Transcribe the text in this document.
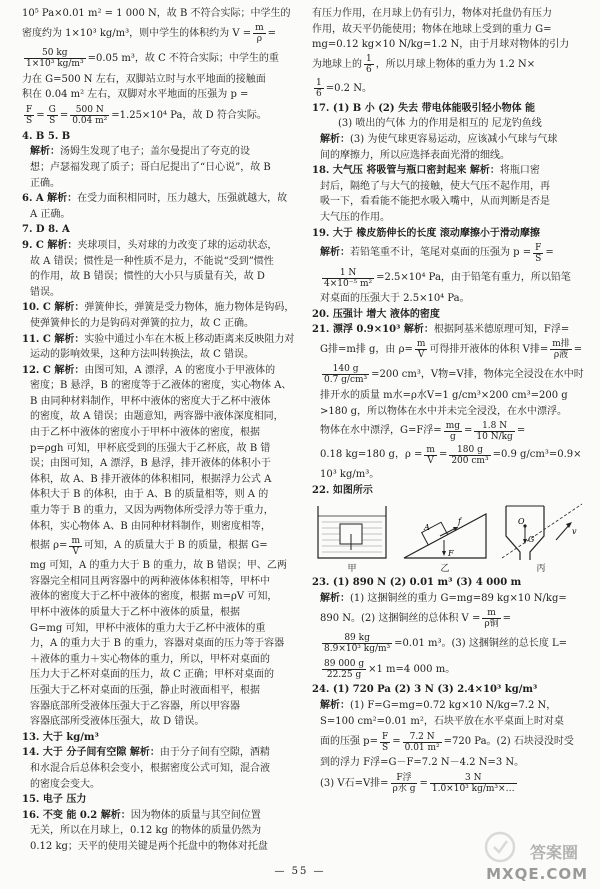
10⁵ Pa×0.01 m² = 1 000 N，故 B 不符合实际；中学生的
密度约为 1×10³ kg/m³，则中学生的体积约为 $V = \frac{m}{\rho}$ =
$\frac{50 kg}{\text{1×10³ kg/m³}} =0.05$ m³，故 C 不符合实际；中学生的重
力在 G=500 N 左右，双脚站立时与水平地面的接触面
积在 0.04 m² 左右，双脚对水平地面的压强为 p =
$\frac{F}{S} = \frac{G}{S} = \frac{500 N}{\text{0.04 m²}} =1.25\times 10^4$ Pa，故 D 符合实际。
4. B 5. B
解析：汤姆生发现了电子；盖尔曼提出了夸克的设
想；卢瑟福发现了质子；哥白尼提出了“日心说”，故 B
正确。
6. A 解析：在受力面积相同时，压力越大，压强就越大，故
A 正确。
7. D 8. A
9. C 解析：夹球项目，头对球的力改变了球的运动状态，
故 A 错误；惯性是一种性质不是力，不能说“受到”惯性
的作用，故 B 错误；惯性的大小只与质量有关，故 D
错误。
10. C 解析：弹簧伸长，弹簧是受力物体，施力物体是钩码，
使弹簧伸长的力是钩码对弹簧的拉力，故 C 正确。
11. C 解析：实验中通过小车在木板上移动距离来反映阻力对
运动的影响效果，这种方法叫转换法，故 C 错误。
12. C 解析：由图可知，A 漂浮，A 的密度小于甲液体的
密度；B 悬浮，B 的密度等于乙液体的密度，实心物体 A、
B 由同种材料制作，甲杯中液体的密度大于乙杯中液体
的密度，故 A 错误；由题意知，两容器中液体深度相同，
由于乙杯中液体的密度小于甲杯中液体的密度，根据
p=ρgh 可知，甲杯底受到的压强大于乙杯底，故 B 错
误；由图可知，A 漂浮，B 悬浮，排开液体的体积小于
体积，故 A、B 排开液体的体积相同，根据浮力公式 A
体积大于 B 的体积，由于 A、B 的质量相等，则 A 的
重力等于 B 的重力，又因为两物体所受浮力等于重力，
体积，实心物体 A、B 由同种材料制作，则密度相等，
根据 $\rho= \frac{m}{V}$ 可知，A 的质量大于 B 的质量，根据 G=
mg 可知，A 的重力大于 B 的重力，故 B 错误；甲、乙两
容器完全相同且两容器中的两种液体体积相等，甲杯中
液体的密度大于乙杯中液体的密度，根据 m=ρV 可知，
甲杯中液体的质量大于乙杯中液体的质量，根据
G=mg 可知，甲杯中液体的重力大于乙杯中液体的重
力，A 的重力大于 B 的重力，容器对桌面的压力等于容器
＋液体的重力＋实心物体的重力，所以，甲杯对桌面的
压力大于乙杯对桌面的压力，故 C 正确；甲杯对桌面的
压强大于乙杯对桌面的压强，静止时液面相平，根据
容器底部所受液体压强大于乙容器，所以甲容器
容器底部所受液体压强大，故 D 错误。
13. 大于 kg/m³
14. 大于 分子间有空隙 解析：由于分子间有空隙，酒精
和水混合后总体积会变小，根据密度公式可知，混合液
的密度会变大。
15. 电子 压力
16. 不变 能 0.2 解析：因为物体的质量与其空间位置
无关，所以在月球上，0.12 kg 的物体的质量仍然为
0.12 kg；天平的使用关键是两个托盘中的物体对托盘
有压力作用，在月球上仍有引力，物体对托盘仍有压力
作用，故天平仍能使用；物体在地球上受到的重力 G=
mg=0.12 kg×10 N/kg=1.2 N，由于月球对物体的引力
为地球上的 $\frac{1}{6}$ ，所以月球上物体的重力为 1.2 N×
$\frac{1}{6} =0.2$ N。
17. (1) B 小 (2) 失去 带电体能吸引轻小物体 能
(3) 喷出的气体 力的作用是相互的 尼龙钓鱼线
解析：(3) 为使气球更容易运动，应该减小气球与气球
间的摩擦力，所以应选择表面光滑的细线。
18. 大气压 将吸管与瓶口密封起来 解析：将瓶口密
封后，隔绝了与大气的接触，使大气压不起作用，再
吸一下，看看能不能把水吸入嘴中，从而判断是否是
大气压的作用。
19. 大于 橡皮筋伸长的长度 滚动摩擦小于滑动摩擦
解析： 若铅笔重不计，笔尾对桌面的压强为 $p = \frac{F}{S}$ =
$\frac{1 N}{\text{4×10⁻⁵ m²}} =2.5\times 10^4$ Pa，由于铅笔有重力，所以铅笔
对桌面的压强大于 2.5×10⁴ Pa。
20. 压强计 增大 液体的密度
21. 漂浮 0.9×10³ 解析：根据阿基米德原理可知，F浮=
G排=m排 g，由 $\rho= \frac{m}{V}$ 可得排开液体的体积 V排= $\frac{\text{m排}}{\text{ρ液}}$ =
$\frac{140 g}{\text{0.7 g/cm³}} =200$ cm³，V物=V排，物体完全浸没在水中时
排开水的质量 m水=ρ水V=1 g/cm³×200 cm³=200 g
>180 g，所以物体在水中并未完全浸没，在水中漂浮。
物体在水中漂浮，G=F浮= $\frac{mg}{g} = \frac{1.8 N}{10 N/kg}$ =
0.18 kg=180 g，$\rho = \frac{m}{V} = \frac{180 g}{\text{200 cm³}} =0.9$ g/cm³=0.9×
10³ kg/m³。
22. 如图所示
甲
A
f
F
乙
O
G
v
丙
23. (1) 890 N (2) 0.01 m³ (3) 4 000 m
解析：(1) 这捆铜丝的重力 G=mg=89 kg×10 N/kg=
890 N。(2) 这捆铜丝的总体积 $V = \frac{m}{\text{ρ铜}}$ =
$\frac{89 kg}{\text{8.9×10³ kg/m³}} =0.01$ m³。(3) 这捆铜丝的总长度 L=
$\frac{89 000 g}{22.25 g} \times 1$ m=4 000 m。
24. (1) 720 Pa (2) 3 N (3) 2.4×10³ kg/m³
解析：(1) F=G=mg=0.72 kg×10 N/kg=7.2 N，
S=100 cm²=0.01 m²，石块平放在水平桌面上时对桌
面的压强 $p= \frac{F}{S} = \frac{7.2 N}{\text{0.01 m²}} =720$ Pa。(2) 石块浸没时受
到的浮力 F浮=G－F=7.2 N－4.2 N=3 N。
(3) V石=V排= $\frac{\text{F浮}}{\text{ρ水 g}} = \frac{3 N}{\text{1.0×10³ kg/m³×…}}$
— 55 —
答案圈
MXQE.COM
